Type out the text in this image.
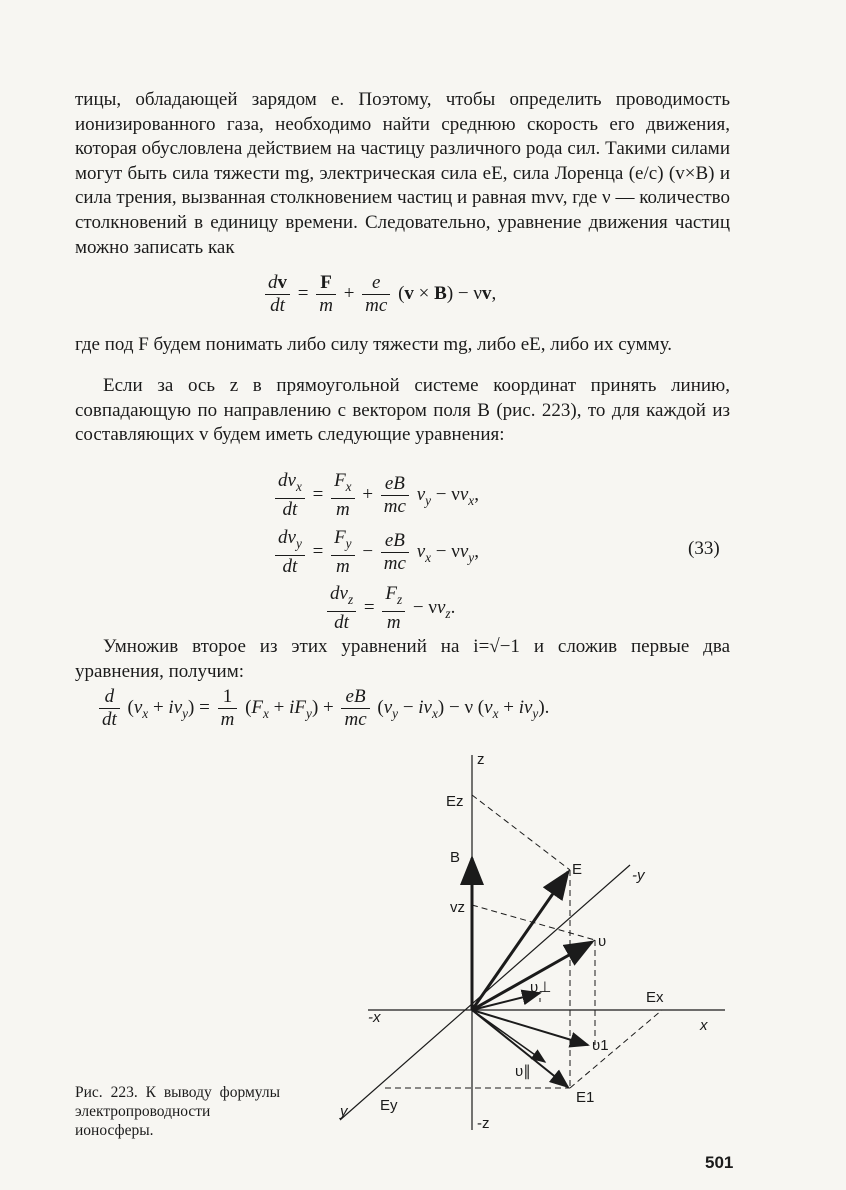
тицы, обладающей зарядом e. Поэтому, чтобы определить проводимость ионизированного газа, необходимо найти среднюю скорость его движения, которая обусловлена действием на частицу различного рода сил. Такими силами могут быть сила тяжести mg, электрическая сила eE, сила Лоренца (e/c) (v×B) и сила трения, вызванная столкновением частиц и равная mνv, где ν — количество столкновений в единицу времени. Следовательно, уравнение движения частиц можно записать как

$\frac{dv}{dt} = \frac{F}{m} + \frac{e}{mc} (v \times B) - \nu v$,

где под F будем понимать либо силу тяжести mg, либо eE, либо их сумму.

Если за ось z в прямоугольной системе координат принять линию, совпадающую по направлению с вектором поля B (рис. 223), то для каждой из составляющих v будем иметь следующие уравнения:

$\frac{dv_x}{dt} = \frac{F_x}{m} + \frac{eB}{mc} v_y - \nu v_x$,
$\frac{dv_y}{dt} = \frac{F_y}{m} - \frac{eB}{mc} v_x - \nu v_y$,	(33)
$\frac{dv_z}{dt} = \frac{F_z}{m} - \nu v_z$.

Умножив второе из этих уравнений на i=√−1 и сложив первые два уравнения, получим:

$\frac{d}{dt} (v_x + iv_y) = \frac{1}{m} (F_x + iF_y) + \frac{eB}{mc} (v_y - iv_x) - \nu$ $(v_x + iv_y)$.
z
-z
x
-x
y
-y
Ez
B
E
vz
υ
υ⊥
Ex
υ1
υ∥
Ey	E1
Рис. 223. К выводу формулы электропроводности ионосферы.
501
